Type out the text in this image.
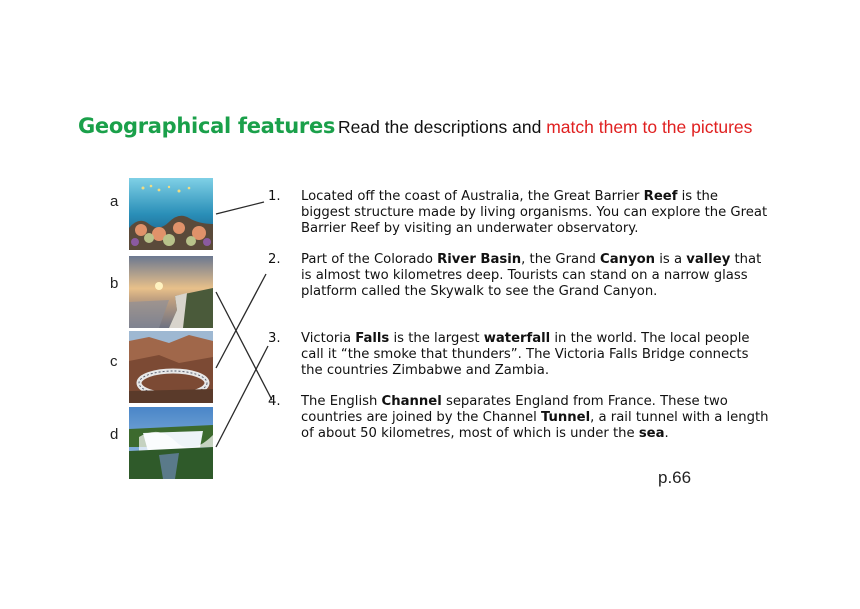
Geographical features Read the descriptions and match them to the pictures
a
b
c
d
1. Located off the coast of Australia, the Great Barrier Reef is the biggest structure made by living organisms. You can explore the Great Barrier Reef by visiting an underwater observatory.
2. Part of the Colorado River Basin, the Grand Canyon is a valley that is almost two kilometres deep. Tourists can stand on a narrow glass platform called the Skywalk to see the Grand Canyon.
3. Victoria Falls is the largest waterfall in the world. The local people call it “the smoke that thunders”. The Victoria Falls Bridge connects the countries Zimbabwe and Zambia.
4. The English Channel separates England from France. These two countries are joined by the Channel Tunnel, a rail tunnel with a length of about 50 kilometres, most of which is under the sea.
p.66
